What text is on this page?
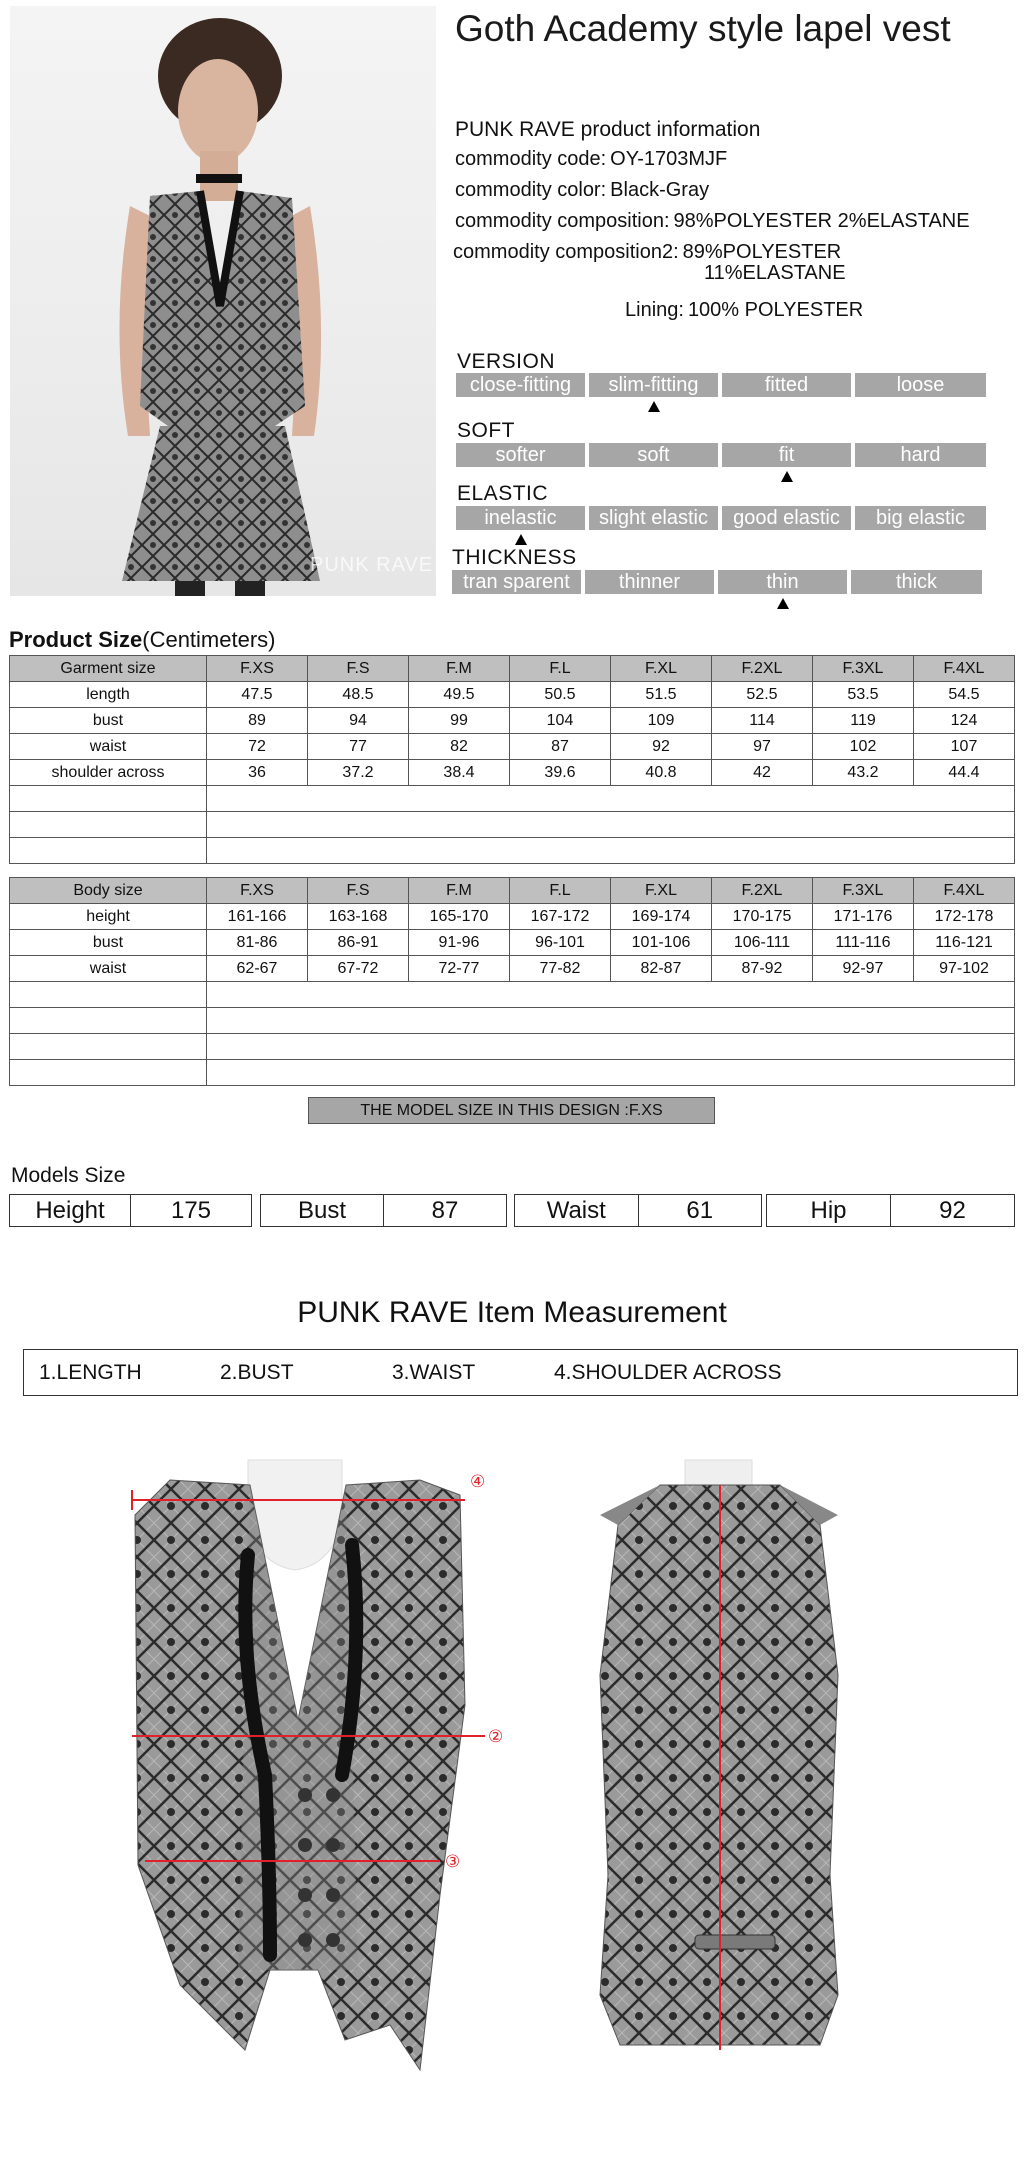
PUNK RAVE
Goth Academy style lapel vest
PUNK RAVE product information
commodity code: OY-1703MJF
commodity color: Black-Gray
commodity composition: 98%POLYESTER 2%ELASTANE
commodity composition2: 89%POLYESTER
11%ELASTANE
Lining: 100% POLYESTER
VERSION
close-fitting	slim-fitting	fitted	loose
SOFT
softer	soft	fit	hard
ELASTIC
inelastic	slight elastic	good elastic	big elastic
THICKNESS
tran sparent	thinner	thin	thick
Product Size(Centimeters)
Garment size	F.XS	F.S	F.M	F.L	F.XL	F.2XL	F.3XL	F.4XL
length	47.5	48.5	49.5	50.5	51.5	52.5	53.5	54.5
bust	89	94	99	104	109	114	119	124
waist	72	77	82	87	92	97	102	107
shoulder across	36	37.2	38.4	39.6	40.8	42	43.2	44.4

Body size	F.XS	F.S	F.M	F.L	F.XL	F.2XL	F.3XL	F.4XL
height	161-166	163-168	165-170	167-172	169-174	170-175	171-176	172-178
bust	81-86	86-91	91-96	96-101	101-106	106-111	111-116	116-121
waist	62-67	67-72	72-77	77-82	82-87	87-92	92-97	97-102

THE MODEL SIZE IN THIS DESIGN :F.XS
Models Size
Height	175	Bust	87	Waist	61	Hip	92
PUNK RAVE Item Measurement
1.LENGTH	2.BUST	3.WAIST	4.SHOULDER ACROSS
④
②
③
